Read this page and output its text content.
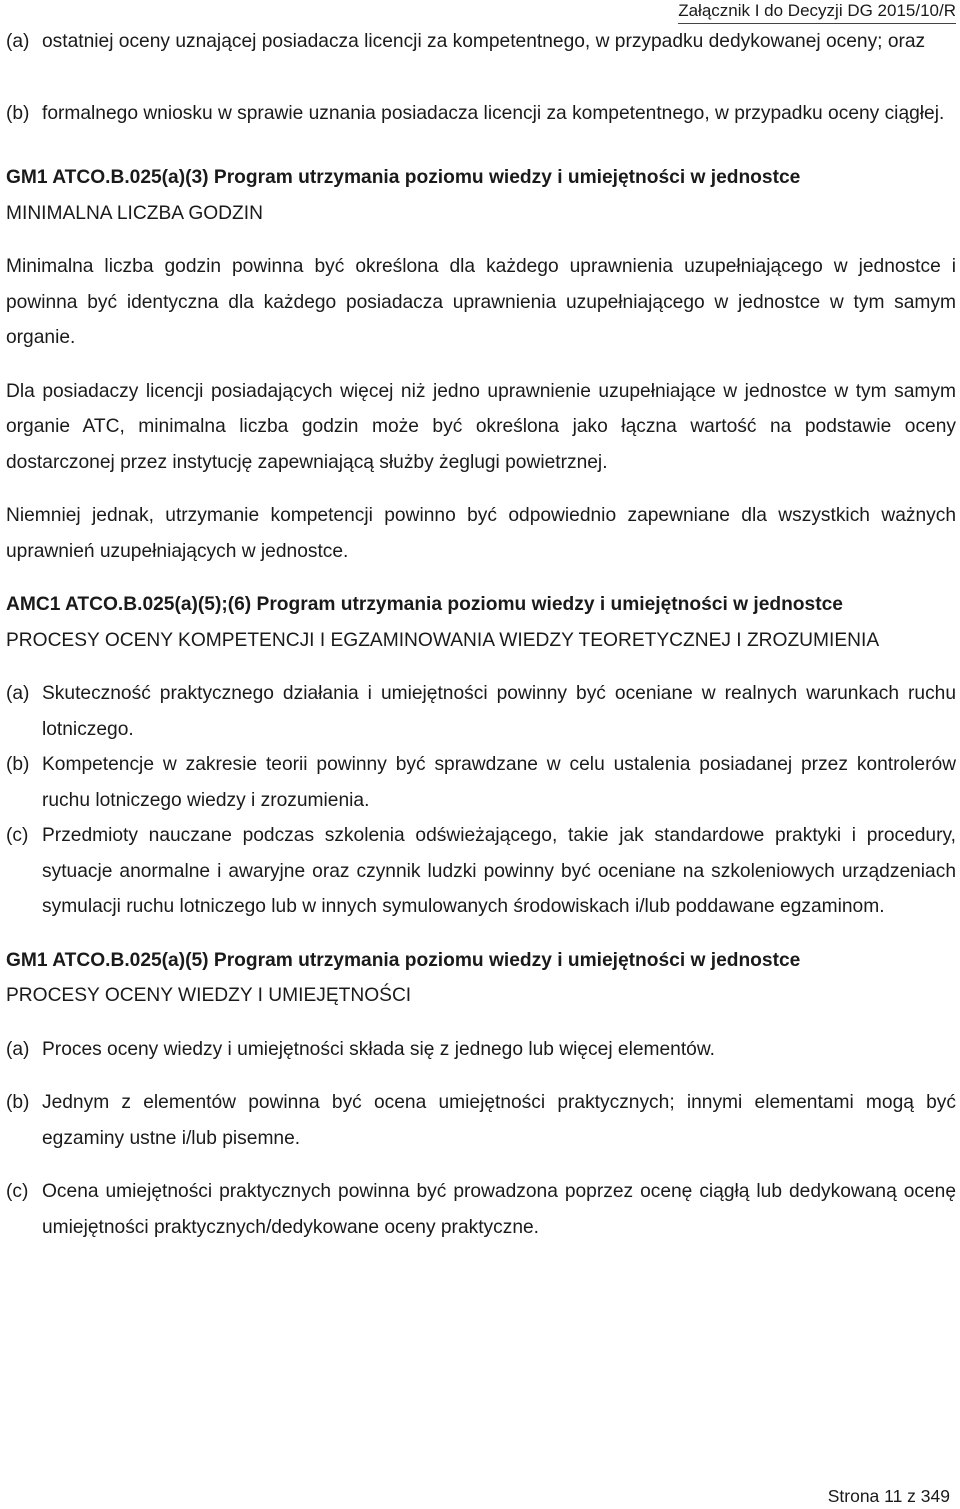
Załącznik I do Decyzji DG 2015/10/R

(a) ostatniej oceny uznającej posiadacza licencji za kompetentnego, w przypadku dedykowanej oceny; oraz

(b) formalnego wniosku w sprawie uznania posiadacza licencji za kompetentnego, w przypadku oceny ciągłej.

GM1 ATCO.B.025(a)(3) Program utrzymania poziomu wiedzy i umiejętności w jednostce

MINIMALNA LICZBA GODZIN

Minimalna liczba godzin powinna być określona dla każdego uprawnienia uzupełniającego w jednostce i powinna być identyczna dla każdego posiadacza uprawnienia uzupełniającego w jednostce w tym samym organie.

Dla posiadaczy licencji posiadających więcej niż jedno uprawnienie uzupełniające w jednostce w tym samym organie ATC, minimalna liczba godzin może być określona jako łączna wartość na podstawie oceny dostarczonej przez instytucję zapewniającą służby żeglugi powietrznej.

Niemniej jednak, utrzymanie kompetencji powinno być odpowiednio zapewniane dla wszystkich ważnych uprawnień uzupełniających w jednostce.

AMC1 ATCO.B.025(a)(5);(6) Program utrzymania poziomu wiedzy i umiejętności w jednostce

PROCESY OCENY KOMPETENCJI I EGZAMINOWANIA WIEDZY TEORETYCZNEJ I ZROZUMIENIA

(a) Skuteczność praktycznego działania i umiejętności powinny być oceniane w realnych warunkach ruchu lotniczego.

(b) Kompetencje w zakresie teorii powinny być sprawdzane w celu ustalenia posiadanej przez kontrolerów ruchu lotniczego wiedzy i zrozumienia.

(c) Przedmioty nauczane podczas szkolenia odświeżającego, takie jak standardowe praktyki i procedury, sytuacje anormalne i awaryjne oraz czynnik ludzki powinny być oceniane na szkoleniowych urządzeniach symulacji ruchu lotniczego lub w innych symulowanych środowiskach i/lub poddawane egzaminom.

GM1 ATCO.B.025(a)(5) Program utrzymania poziomu wiedzy i umiejętności w jednostce

PROCESY OCENY WIEDZY I UMIEJĘTNOŚCI

(a) Proces oceny wiedzy i umiejętności składa się z jednego lub więcej elementów.

(b) Jednym z elementów powinna być ocena umiejętności praktycznych; innymi elementami mogą być egzaminy ustne i/lub pisemne.

(c) Ocena umiejętności praktycznych powinna być prowadzona poprzez ocenę ciągłą lub dedykowaną ocenę umiejętności praktycznych/dedykowane oceny praktyczne.

Strona 11 z 349
